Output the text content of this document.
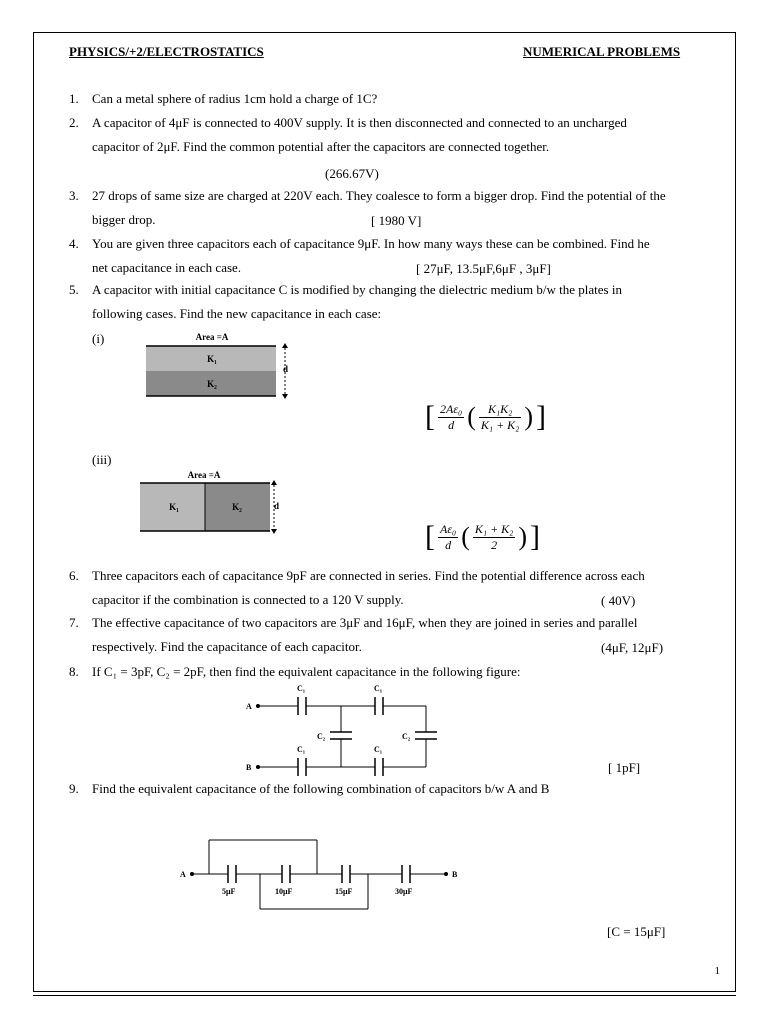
PHYSICS/+2/ELECTROSTATICS	NUMERICAL PROBLEMS
1.	Can a metal sphere of radius 1cm hold a charge of 1C?
2.	A capacitor of 4μF is connected to 400V supply. It is then disconnected and connected to an uncharged
capacitor of 2μF. Find the common potential after the capacitors are connected together.
(266.67V)
3.	27 drops of same size are charged at 220V each. They coalesce to form a bigger drop. Find the potential of the
bigger drop.	[ 1980 V]
4.	You are given three capacitors each of capacitance 9μF. In how many ways these can be combined. Find he
net capacitance in each case.	[ 27μF, 13.5μF,6μF , 3μF]
5.	A capacitor with initial capacitance C is modified by changing the dielectric medium b/w the plates in
following cases. Find the new capacitance in each case:
(i)	Area =A
K₁
K₂
d
[ $\frac{\text{2Aε₀}}{d}$ ( $\frac{\text{K₁K₂}}{\text{K₁ + K₂}}$ ) ]
(iii)
Area =A
K₁	K₂	d
[ $\frac{\text{Aε₀}}{d}$ ( $\frac{\text{K₁ + K₂}}{2}$ ) ]
6.	Three capacitors each of capacitance 9pF are connected in series. Find the potential difference across each
capacitor if the combination is connected to a 120 V supply.	( 40V)
7.	The effective capacitance of two capacitors are 3μF and 16μF, when they are joined in series and parallel
respectively. Find the capacitance of each capacitor.	(4μF, 12μF)
8.	If C₁ = 3pF, C₂ = 2pF, then find the equivalent capacitance in the following figure:
A
B
C₁	C₁
C₁	C₁
C₂	C₂
[ 1pF]
9.	Find the equivalent capacitance of the following combination of capacitors b/w A and B
A	B
5μF	10μF	15μF	30μF
[C = 15μF]
1
